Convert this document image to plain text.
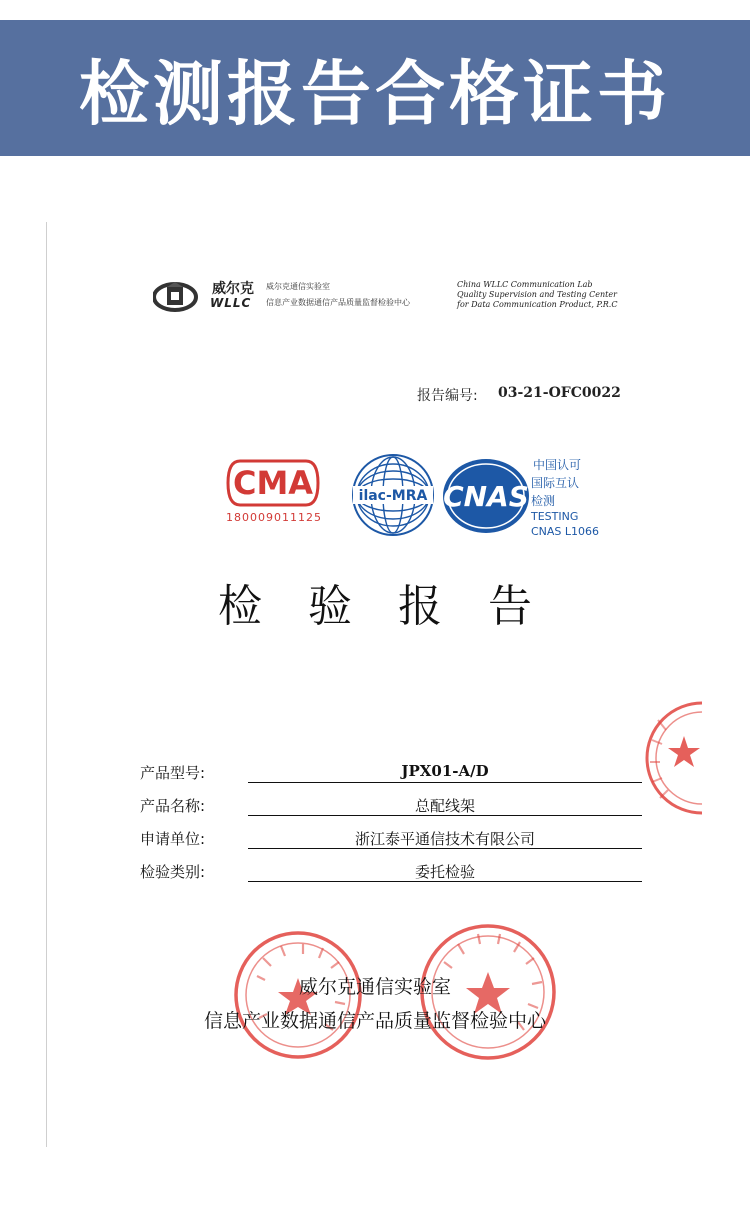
检测报告合格证书
威尔克
WLLC
威尔克通信实验室
信息产业数据通信产品质量监督检验中心
China WLLC Communication Lab
Quality Supervision and Testing Center
for Data Communication Product, P.R.C
报告编号: 03-21-OFC0022
CMA
180009011125
ilac-MRA CNAS
中国认可
国际互认
检测
TESTING
CNAS L1066
检验报告
产品型号:	JPX01-A/D
产品名称:	总配线架
申请单位:	浙江泰平通信技术有限公司
检验类别:	委托检验
威尔克通信实验室
信息产业数据通信产品质量监督检验中心
